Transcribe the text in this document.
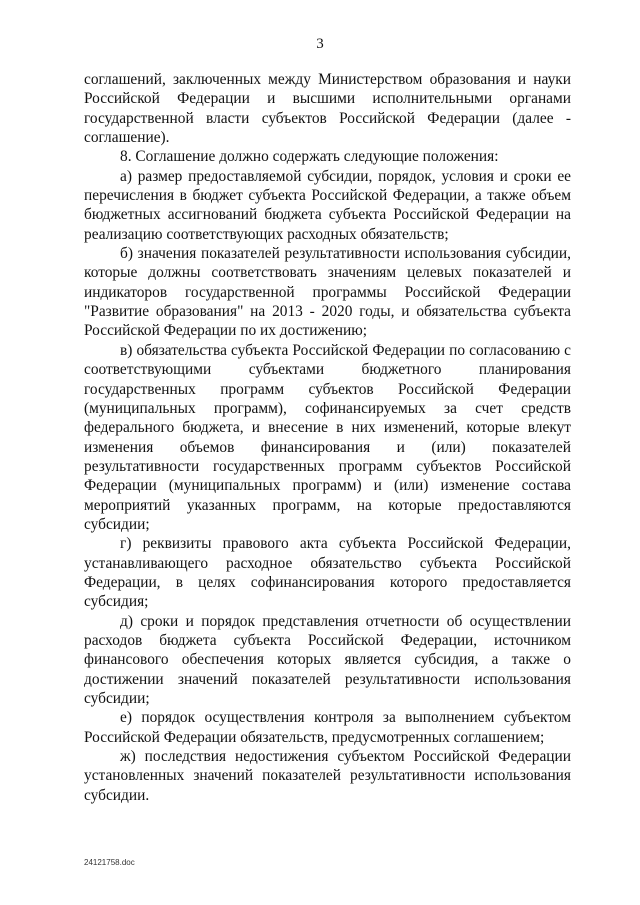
3

соглашений, заключенных между Министерством образования и науки Российской Федерации и высшими исполнительными органами государственной власти субъектов Российской Федерации (далее - соглашение).

8. Соглашение должно содержать следующие положения:

а) размер предоставляемой субсидии, порядок, условия и сроки ее перечисления в бюджет субъекта Российской Федерации, а также объем бюджетных ассигнований бюджета субъекта Российской Федерации на реализацию соответствующих расходных обязательств;

б) значения показателей результативности использования субсидии, которые должны соответствовать значениям целевых показателей и индикаторов государственной программы Российской Федерации "Развитие образования" на 2013 - 2020 годы, и обязательства субъекта Российской Федерации по их достижению;

в) обязательства субъекта Российской Федерации по согласованию с соответствующими субъектами бюджетного планирования государственных программ субъектов Российской Федерации (муниципальных программ), софинансируемых за счет средств федерального бюджета, и внесение в них изменений, которые влекут изменения объемов финансирования и (или) показателей результативности государственных программ субъектов Российской Федерации (муниципальных программ) и (или) изменение состава мероприятий указанных программ, на которые предоставляются субсидии;

г) реквизиты правового акта субъекта Российской Федерации, устанавливающего расходное обязательство субъекта Российской Федерации, в целях софинансирования которого предоставляется субсидия;

д) сроки и порядок представления отчетности об осуществлении расходов бюджета субъекта Российской Федерации, источником финансового обеспечения которых является субсидия, а также о достижении значений показателей результативности использования субсидии;

е) порядок осуществления контроля за выполнением субъектом Российской Федерации обязательств, предусмотренных соглашением;

ж) последствия недостижения субъектом Российской Федерации установленных значений показателей результативности использования субсидии.

24121758.doc
